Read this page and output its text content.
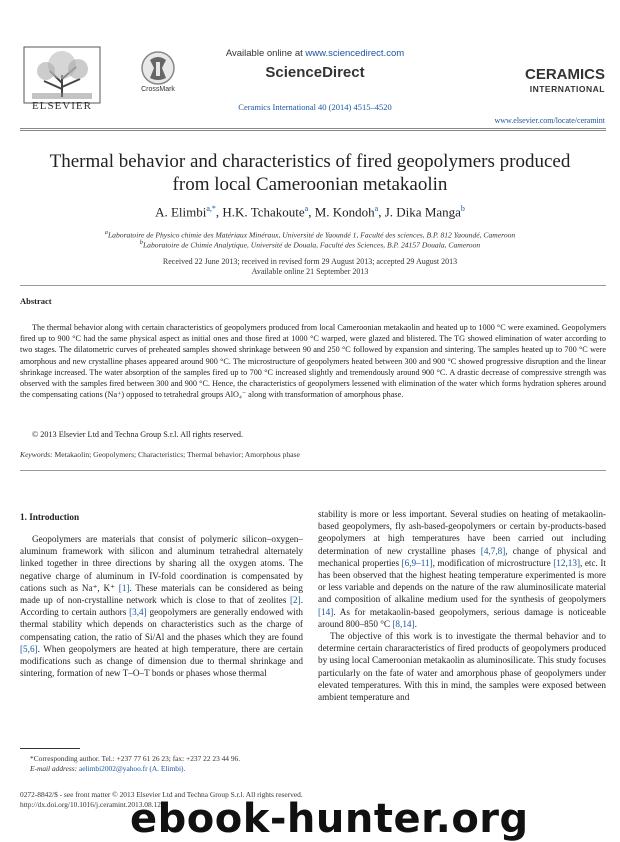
ELSEVIER
CrossMark
Available online at www.sciencedirect.com
ScienceDirect
Ceramics International 40 (2014) 4515–4520
CERAMICS
INTERNATIONAL
www.elsevier.com/locate/ceramint
Thermal behavior and characteristics of fired geopolymers produced
from local Cameroonian metakaolin
A. Elimbi$^{a,*}$, H.K. Tchakoute$^a$, M. Kondoh$^a$, J. Dika Manga$^b$
$^a$Laboratoire de Physico chimie des Matériaux Minéraux, Université de Yaoundé 1, Faculté des sciences, B.P. 812 Yaoundé, Cameroon
$^b$Laboratoire de Chimie Analytique, Université de Douala, Faculté des Sciences, B.P. 24157 Douala, Cameroon
Received 22 June 2013; received in revised form 29 August 2013; accepted 29 August 2013
Available online 21 September 2013
Abstract
The thermal behavior along with certain characteristics of geopolymers produced from local Cameroonian metakaolin and heated up to 1000 °C were examined. Geopolymers fired up to 900 °C had the same physical aspect as initial ones and those fired at 1000 °C warped, were glazed and blistered. The TG showed elimination of water according to two stages. The dilatometric curves of preheated samples showed shrinkage between 90 and 250 °C followed by expansion and sintering. The samples heated up to 700 °C were amorphous and new crystalline phases appeared around 900 °C. The microstructure of geopolymers heated between 300 and 900 °C showed progressive disruption and the linear shrinkage increased. The water absorption of the samples fired up to 700 °C increased slightly and tremendously around 900 °C. A drastic decrease of compressive strength was observed with the samples fired between 300 and 900 °C. Hence, the characteristics of geopolymers lessened with elimination of the water which forms hydration spheres around the compensating cations (Na⁺) opposed to tetrahedral groups AlO₄⁻ along with transformation of amorphous phase.
© 2013 Elsevier Ltd and Techna Group S.r.l. All rights reserved.
Keywords: Metakaolin; Geopolymers; Characteristics; Thermal behavior; Amorphous phase
1. Introduction
Geopolymers are materials that consist of polymeric silicon–oxygen–aluminum framework with silicon and aluminum tetrahedral alternately linked together in three directions by sharing all the oxygen atoms. The negative charge of aluminum in IV-fold coordination is compensated by cations such as Na⁺, K⁺ [1]. These materials can be considered as being made up of non-crystalline network which is close to that of zeolites [2]. According to certain authors [3,4] geopolymers are generally endowed with thermal stability which depends on characteristics such as the charge of compensating cation, the ratio of Si/Al and the phases which they are found [5,6]. When geopolymers are heated at high temperature, there are certain modifications such as change of dimension due to thermal shrinkage and sintering, formation of new T–O–T bonds or phases whose thermal

stability is more or less important. Several studies on heating of metakaolin-based geopolymers, fly ash-based-geopolymers or certain by-products-based geopolymers at high temperatures have been carried out including determination of new crystalline phases [4,7,8], change of physical and mechanical properties [6,9–11], modification of microstructure [12,13], etc. It has been observed that the highest heating temperature experimented is more or less variable and depends on the nature of the raw aluminosilicate material and composition of alkaline medium used for the synthesis of geopolymers [14]. As for metakaolin-based geopolymers, serious damage is noticeable around 800–850 °C [8,14].

The objective of this work is to investigate the thermal behavior and to determine certain chararacteristics of fired products of geopolymers produced by using local Cameroonian metakaolin as aluminosilicate. This study focuses particularly on the fate of water and amorphous phase of geopolymers under elevated temperatures. With this in mind, the samples were exposed between ambient temperature and

*Corresponding author. Tel.: +237 77 61 26 23; fax: +237 22 23 44 96.
E-mail address: aelimbi2002@yahoo.fr (A. Elimbi).
0272-8842/$ - see front matter © 2013 Elsevier Ltd and Techna Group S.r.l. All rights reserved.
http://dx.doi.org/10.1016/j.ceramint.2013.08.126
ebook-hunter.org
